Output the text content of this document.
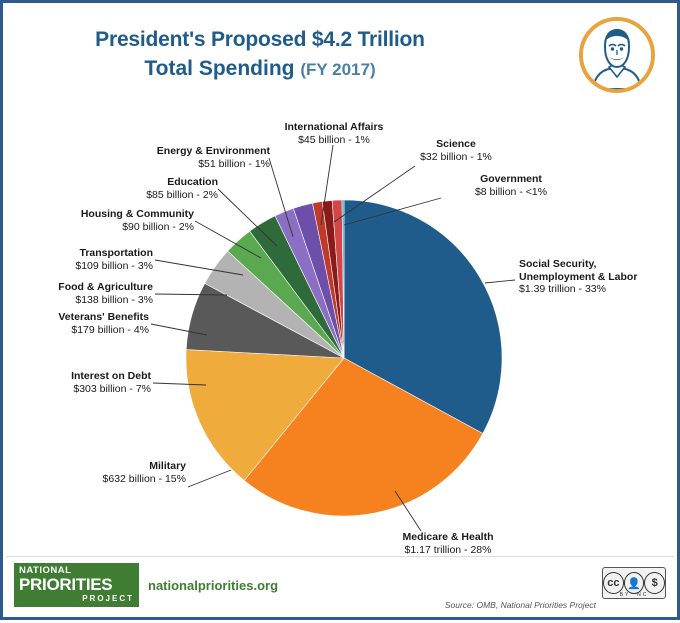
President's Proposed $4.2 Trillion
Total Spending (FY 2017)
Social Security,
Unemployment & Labor
$1.39 trillion - 33%
Medicare & Health
$1.17 trillion - 28%
Military
$632 billion - 15%
Interest on Debt
$303 billion - 7%
Veterans' Benefits
$179 billion - 4%
Food & Agriculture
$138 billion - 3%
Transportation
$109 billion - 3%
Housing & Community
$90 billion - 2%
Education
$85 billion - 2%
Energy & Environment
$51 billion - 1%
International Affairs
$45 billion - 1%	Science
$32 billion - 1%
Government
$8 billion - <1%
NATIONAL
PRIORITIES
PROJECT
nationalpriorities.org
Source: OMB, National Priorities Project
cc 👤 $
BY  NC
